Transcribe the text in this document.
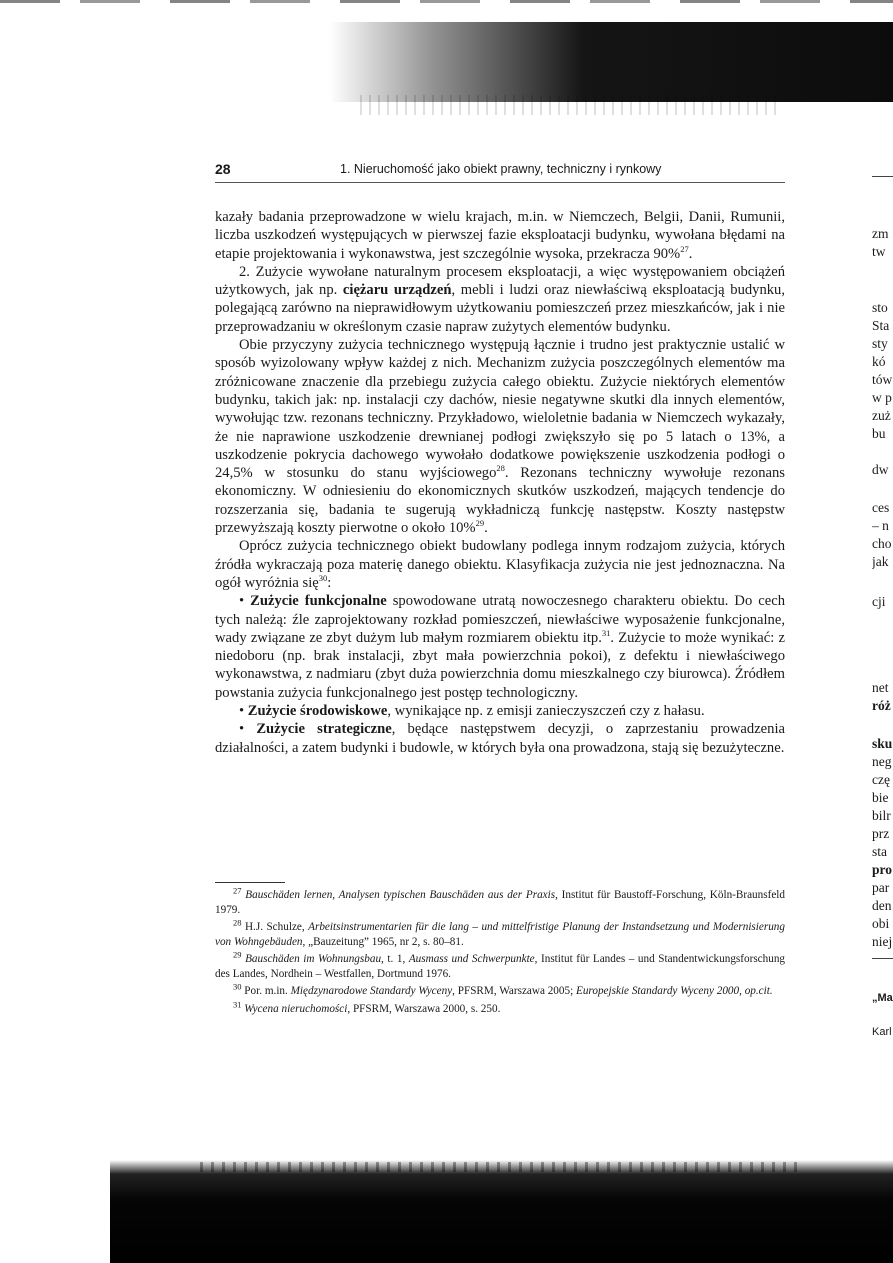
28	1. Nieruchomość jako obiekt prawny, techniczny i rynkowy

kazały badania przeprowadzone w wielu krajach, m.in. w Niemczech, Belgii, Danii, Rumunii, liczba uszkodzeń występujących w pierwszej fazie eksploatacji budynku, wywołana błędami na etapie projektowania i wykonawstwa, jest szczególnie wysoka, przekracza 90%$^{27}$.

2. Zużycie wywołane naturalnym procesem eksploatacji, a więc występowaniem obciążeń użytkowych, jak np. ciężaru urządzeń, mebli i ludzi oraz niewłaściwą eksploatacją budynku, polegającą zarówno na nieprawidłowym użytkowaniu pomieszczeń przez mieszkańców, jak i nie przeprowadzaniu w określonym czasie napraw zużytych elementów budynku.

Obie przyczyny zużycia technicznego występują łącznie i trudno jest praktycznie ustalić w sposób wyizolowany wpływ każdej z nich. Mechanizm zużycia poszczególnych elementów ma zróżnicowane znaczenie dla przebiegu zużycia całego obiektu. Zużycie niektórych elementów budynku, takich jak: np. instalacji czy dachów, niesie negatywne skutki dla innych elementów, wywołując tzw. rezonans techniczny. Przykładowo, wieloletnie badania w Niemczech wykazały, że nie naprawione uszkodzenie drewnianej podłogi zwiększyło się po 5 latach o 13%, a uszkodzenie pokrycia dachowego wywołało dodatkowe powiększenie uszkodzenia podłogi o 24,5% w stosunku do stanu wyjściowego$^{28}$. Rezonans techniczny wywołuje rezonans ekonomiczny. W odniesieniu do ekonomicznych skutków uszkodzeń, mających tendencje do rozszerzania się, badania te sugerują wykładniczą funkcję następstw. Koszty następstw przewyższają koszty pierwotne o około 10%$^{29}$.

Oprócz zużycia technicznego obiekt budowlany podlega innym rodzajom zużycia, których źródła wykraczają poza materię danego obiektu. Klasyfikacja zużycia nie jest jednoznaczna. Na ogół wyróżnia się$^{30}$:

• Zużycie funkcjonalne spowodowane utratą nowoczesnego charakteru obiektu. Do cech tych należą: źle zaprojektowany rozkład pomieszczeń, niewłaściwe wyposażenie funkcjonalne, wady związane ze zbyt dużym lub małym rozmiarem obiektu itp.$^{31}$. Zużycie to może wynikać: z niedoboru (np. brak instalacji, zbyt mała powierzchnia pokoi), z defektu i niewłaściwego wykonawstwa, z nadmiaru (zbyt duża powierzchnia domu mieszkalnego czy biurowca). Źródłem powstania zużycia funkcjonalnego jest postęp technologiczny.

• Zużycie środowiskowe, wynikające np. z emisji zanieczyszczeń czy z hałasu.

• Zużycie strategiczne, będące następstwem decyzji, o zaprzestaniu prowadzenia działalności, a zatem budynki i budowle, w których była ona prowadzona, stają się bezużyteczne.

$^{27}$ Bauschäden lernen, Analysen typischen Bauschäden aus der Praxis, Institut für Baustoff-Forschung, Köln-Braunsfeld 1979.

$^{28}$ H.J. Schulze, Arbeitsinstrumentarien für die lang – und mittelfristige Planung der Instandsetzung und Modernisierung von Wohngebäuden, „Bauzeitung” 1965, nr 2, s. 80–81.

$^{29}$ Bauschäden im Wohnungsbau, t. 1, Ausmass und Schwerpunkte, Institut für Landes – und Standentwickungsforschung des Landes, Nordhein – Westfallen, Dortmund 1976.

$^{30}$ Por. m.in. Międzynarodowe Standardy Wyceny, PFSRM, Warszawa 2005; Europejskie Standardy Wyceny 2000, op.cit.

$^{31}$ Wycena nieruchomości, PFSRM, Warszawa 2000, s. 250.

zm
tw
sto
Sta
sty
kó
tów
w p
zuż
bu
dw
ces
– n
cho
jak
cji
net
róż
sku
neg
czę
bie
bilr
prz
sta
pro
par
den
obi
niej
„Ma
Karl
